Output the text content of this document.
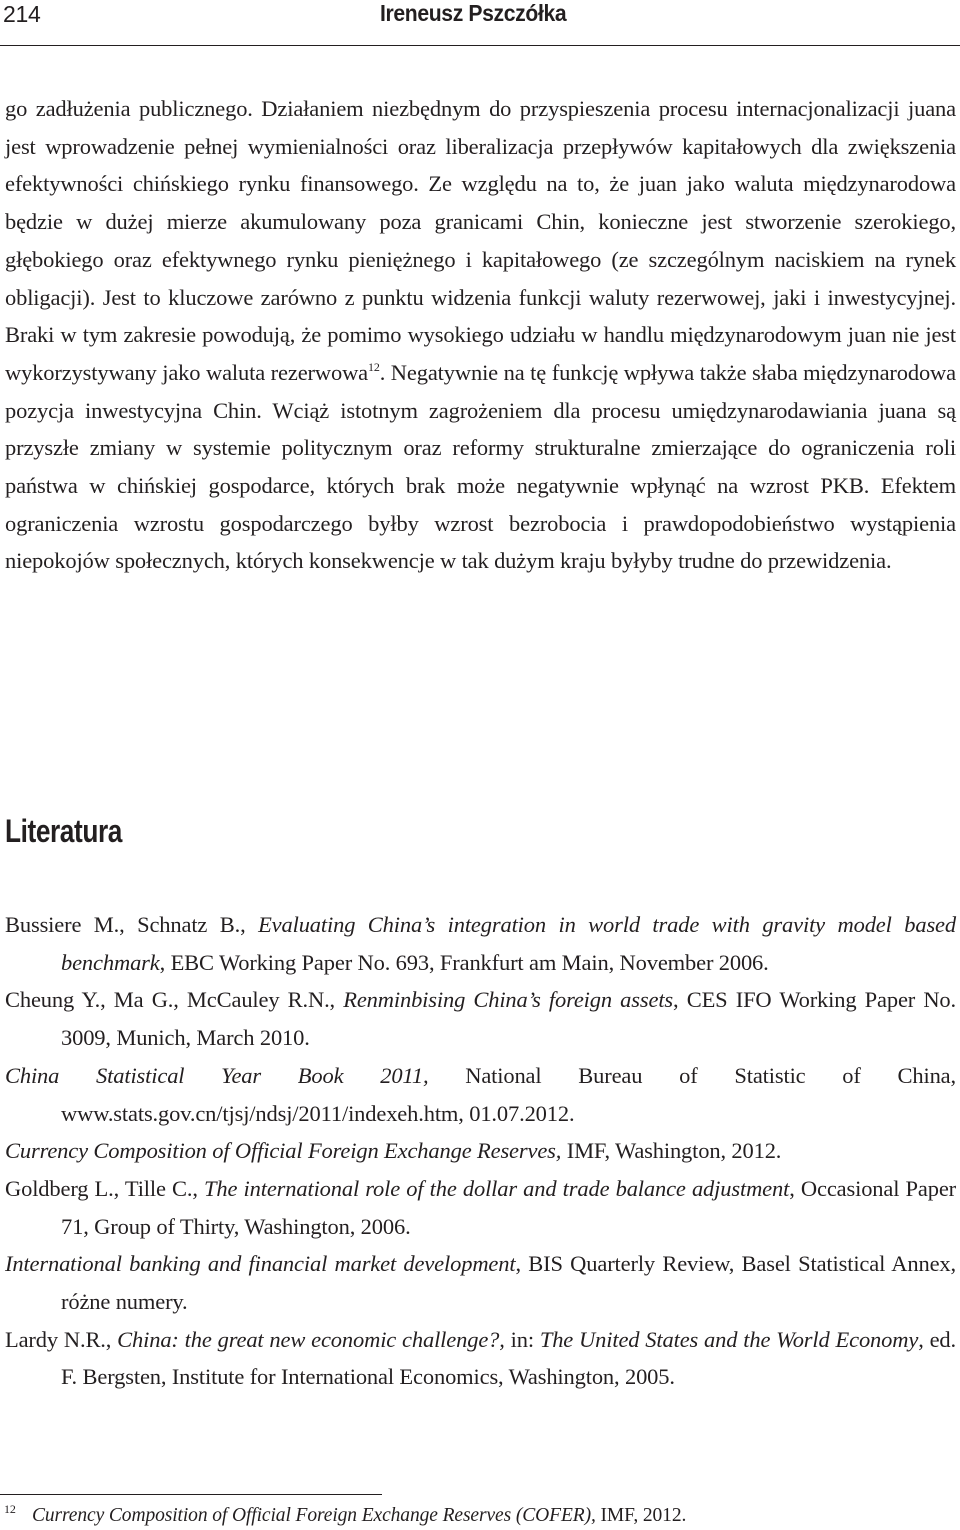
214	Ireneusz Pszczółka

go zadłużenia publicznego. Działaniem niezbędnym do przyspieszenia procesu internacjonalizacji juana jest wprowadzenie pełnej wymienialności oraz liberalizacja przepływów kapitałowych dla zwiększenia efektywności chińskiego rynku finansowego. Ze względu na to, że juan jako waluta międzynarodowa będzie w dużej mierze akumulowany poza granicami Chin, konieczne jest stworzenie szerokiego, głębokiego oraz efektywnego rynku pieniężnego i kapitałowego (ze szczególnym naciskiem na rynek obligacji). Jest to kluczowe zarówno z punktu widzenia funkcji waluty rezerwowej, jaki i inwestycyjnej. Braki w tym zakresie powodują, że pomimo wysokiego udziału w handlu międzynarodowym juan nie jest wykorzystywany jako waluta rezerwowa$^{12}$. Negatywnie na tę funkcję wpływa także słaba międzynarodowa pozycja inwestycyjna Chin. Wciąż istotnym zagrożeniem dla procesu umiędzynarodawiania juana są przyszłe zmiany w systemie politycznym oraz reformy strukturalne zmierzające do ograniczenia roli państwa w chińskiej gospodarce, których brak może negatywnie wpłynąć na wzrost PKB. Efektem ograniczenia wzrostu gospodarczego byłby wzrost bezrobocia i prawdopodobieństwo wystąpienia niepokojów społecznych, których konsekwencje w tak dużym kraju byłyby trudne do przewidzenia.

Literatura
Bussiere M., Schnatz B., Evaluating China’s integration in world trade with gravity model based benchmark, EBC Working Paper No. 693, Frankfurt am Main, November 2006.
Cheung Y., Ma G., McCauley R.N., Renminbising China’s foreign assets, CES IFO Working Paper No. 3009, Munich, March 2010.
China Statistical Year Book 2011, National Bureau of Statistic of China, www.stats.gov.cn/tjsj/ndsj/2011/indexeh.htm, 01.07.2012.
Currency Composition of Official Foreign Exchange Reserves, IMF, Washington, 2012.
Goldberg L., Tille C., The international role of the dollar and trade balance adjustment, Occasional Paper 71, Group of Thirty, Washington, 2006.
International banking and financial market development, BIS Quarterly Review, Basel Statistical Annex, różne numery.
Lardy N.R., China: the great new economic challenge?, in: The United States and the World Economy, ed. F. Bergsten, Institute for International Economics, Washington, 2005.

12 Currency Composition of Official Foreign Exchange Reserves (COFER), IMF, 2012.
